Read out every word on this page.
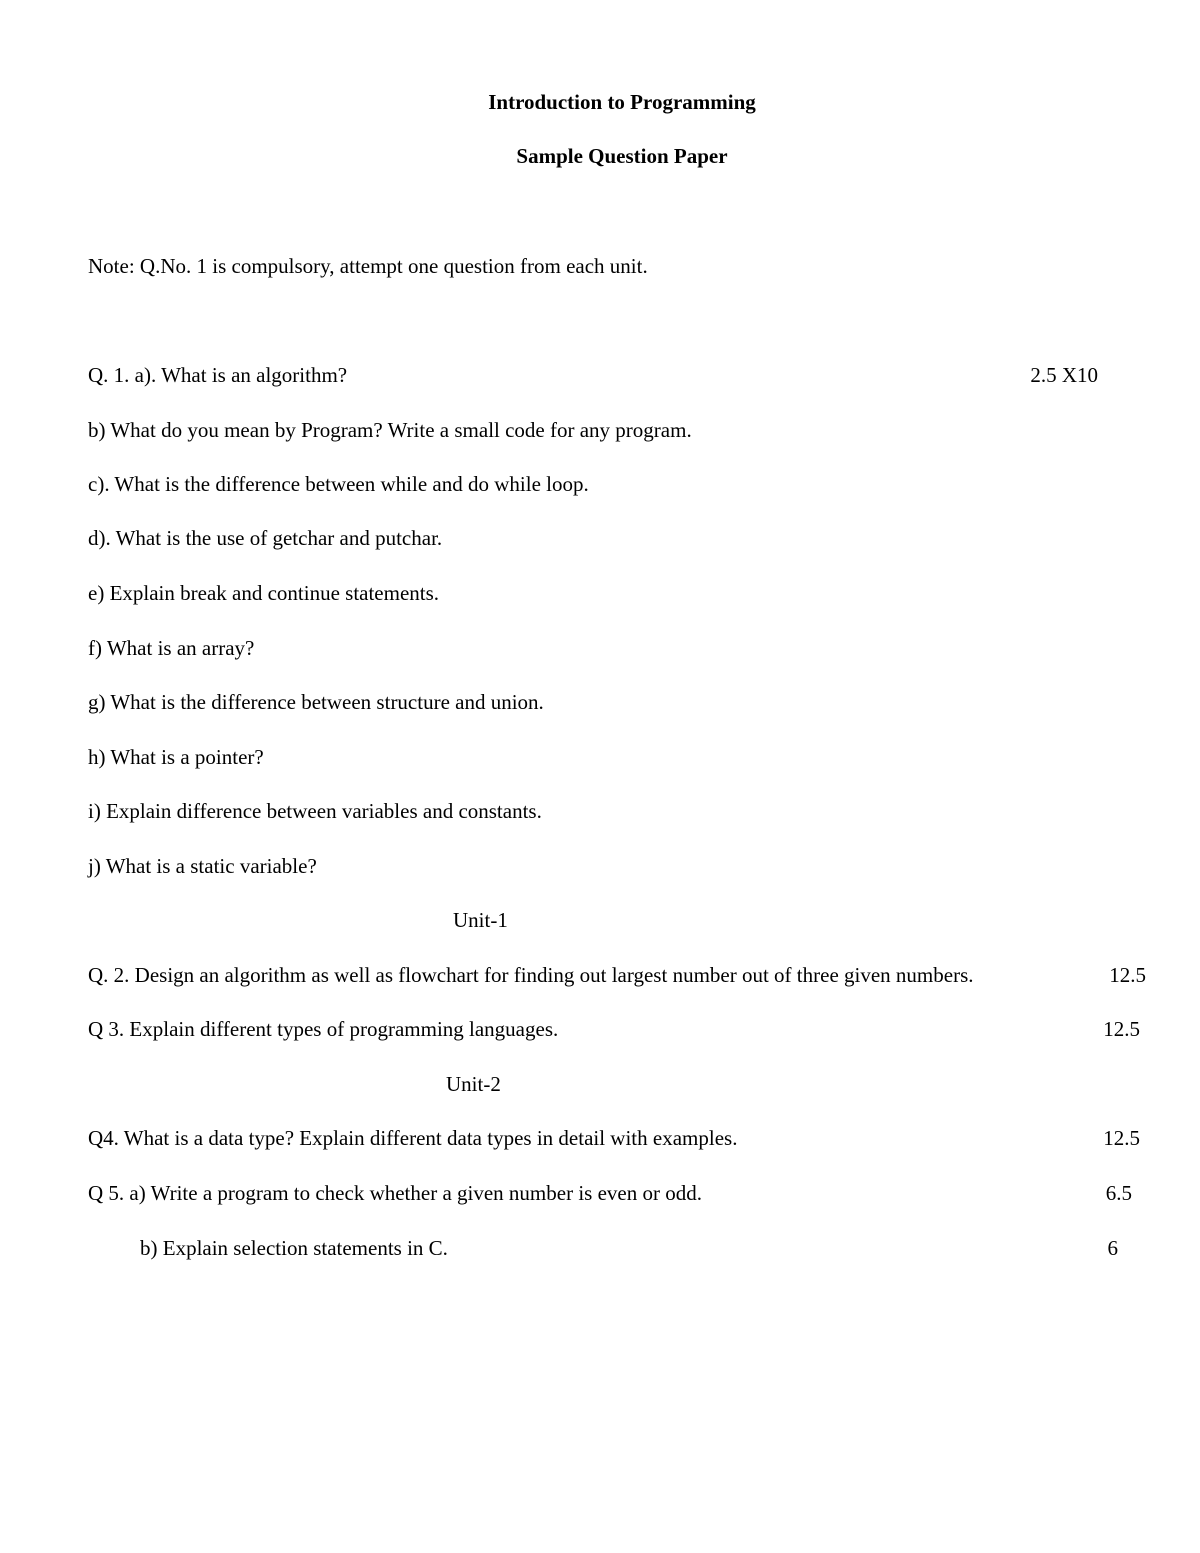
Introduction to Programming
Sample Question Paper
Note: Q.No. 1 is compulsory, attempt one question from each unit.
Q. 1. a). What is an algorithm?	2.5 X10
b) What do you mean by Program? Write a small code for any program.
c). What is the difference between while and do while loop.
d). What is the use of getchar and putchar.
e) Explain break and continue statements.
f) What is an array?
g) What is the difference between structure and union.
h) What is a pointer?
i) Explain difference between variables and constants.
j) What is a static variable?
Unit-1
Q. 2. Design an algorithm as well as flowchart for finding out largest number out of three given numbers.	12.5
Q 3. Explain different types of programming languages.	12.5
Unit-2
Q4. What is a data type? Explain different data types in detail with examples.	12.5
Q 5. a) Write a program to check whether a given number is even or odd.	6.5
b) Explain selection statements in C.	6
